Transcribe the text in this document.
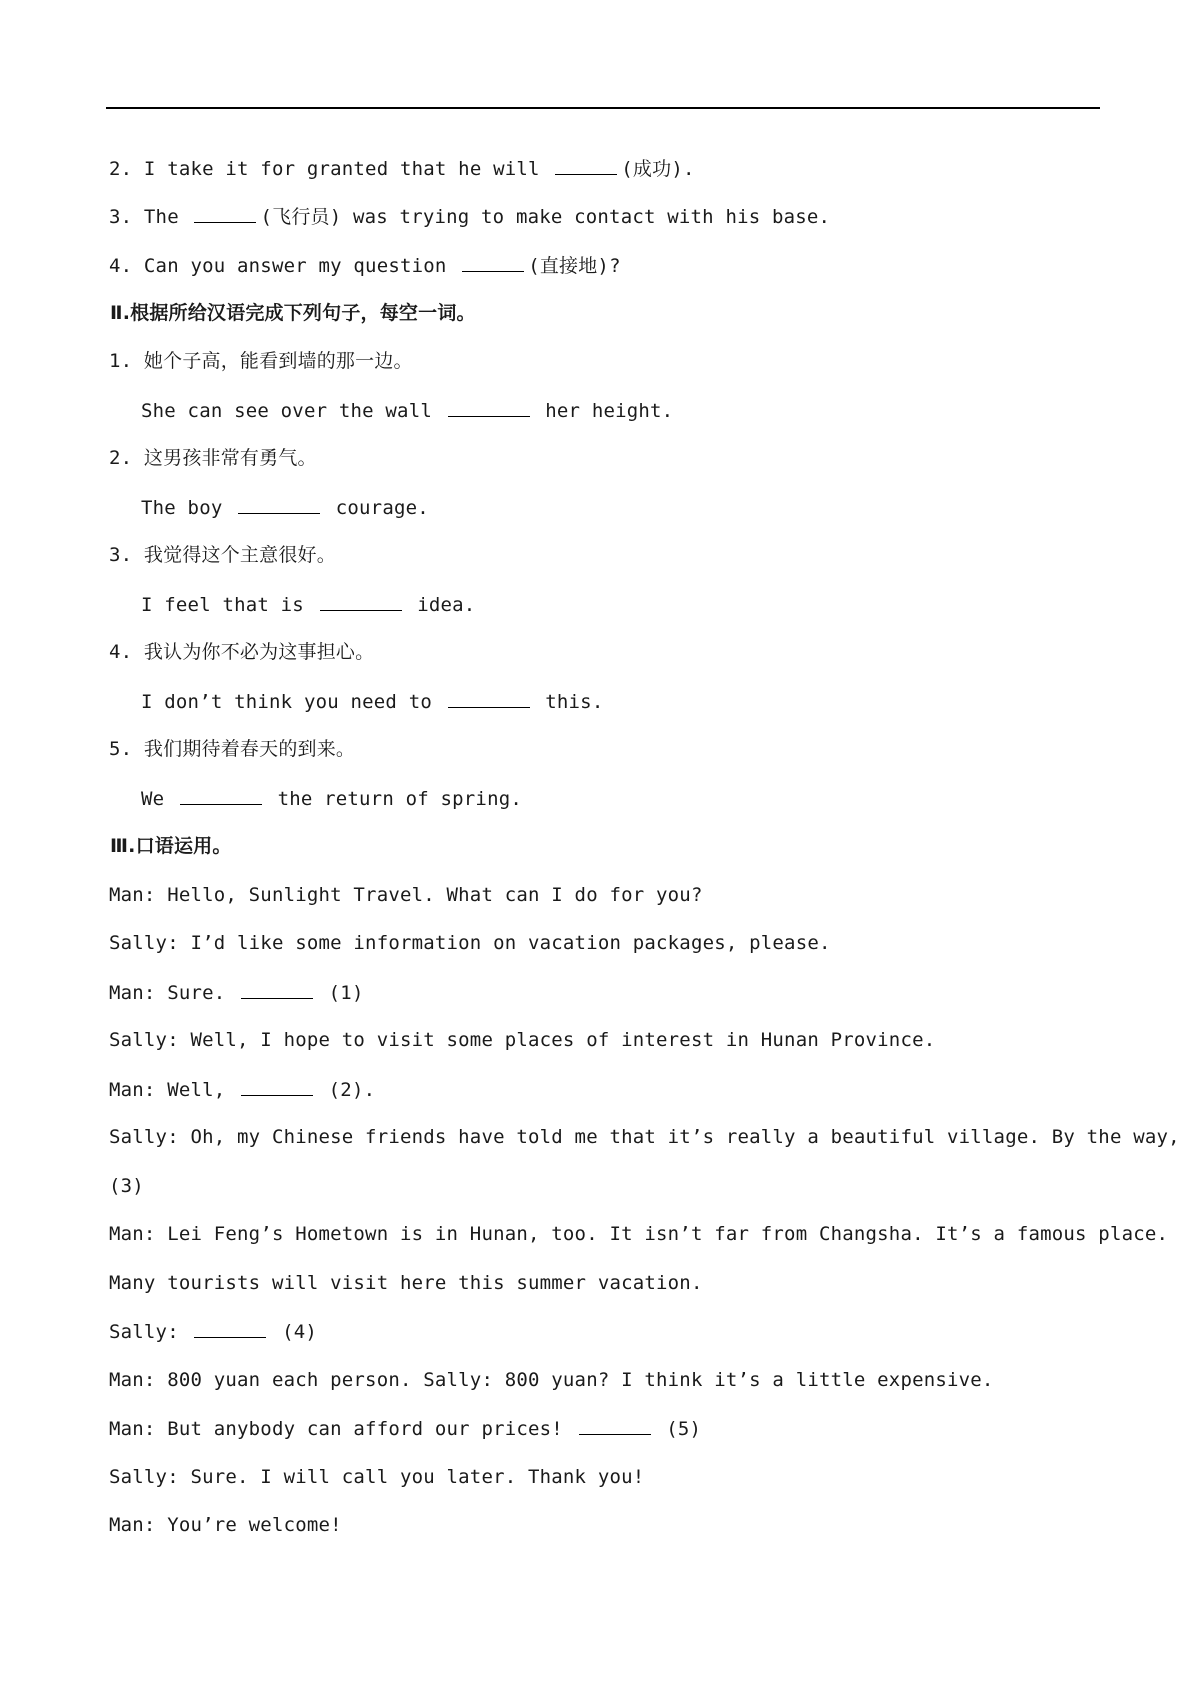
2. I take it for granted that he will	(成功).
3. The	(飞行员) was trying to make contact with his base.
4. Can you answer my question	(直接地)?
Ⅱ.根据所给汉语完成下列句子，每空一词。
1. 她个子高，能看到墙的那一边。
She can see over the wall	her height.
2. 这男孩非常有勇气。
The boy	courage.
3. 我觉得这个主意很好。
I feel that is	idea.
4. 我认为你不必为这事担心。
I don’t think you need to	this.
5. 我们期待着春天的到来。
We	the return of spring.
Ⅲ.口语运用。
Man: Hello, Sunlight Travel. What can I do for you?
Sally: I’d like some information on vacation packages, please.
Man: Sure.	(1)
Sally: Well, I hope to visit some places of interest in Hunan Province.
Man: Well,	(2).
Sally: Oh, my Chinese friends have told me that it’s really a beautiful village. By the way,
(3)
Man: Lei Feng’s Hometown is in Hunan, too. It isn’t far from Changsha. It’s a famous place.
Many tourists will visit here this summer vacation.
Sally:	(4)
Man: 800 yuan each person. Sally: 800 yuan? I think it’s a little expensive.
Man: But anybody can afford our prices!	(5)
Sally: Sure. I will call you later. Thank you!
Man: You’re welcome!
